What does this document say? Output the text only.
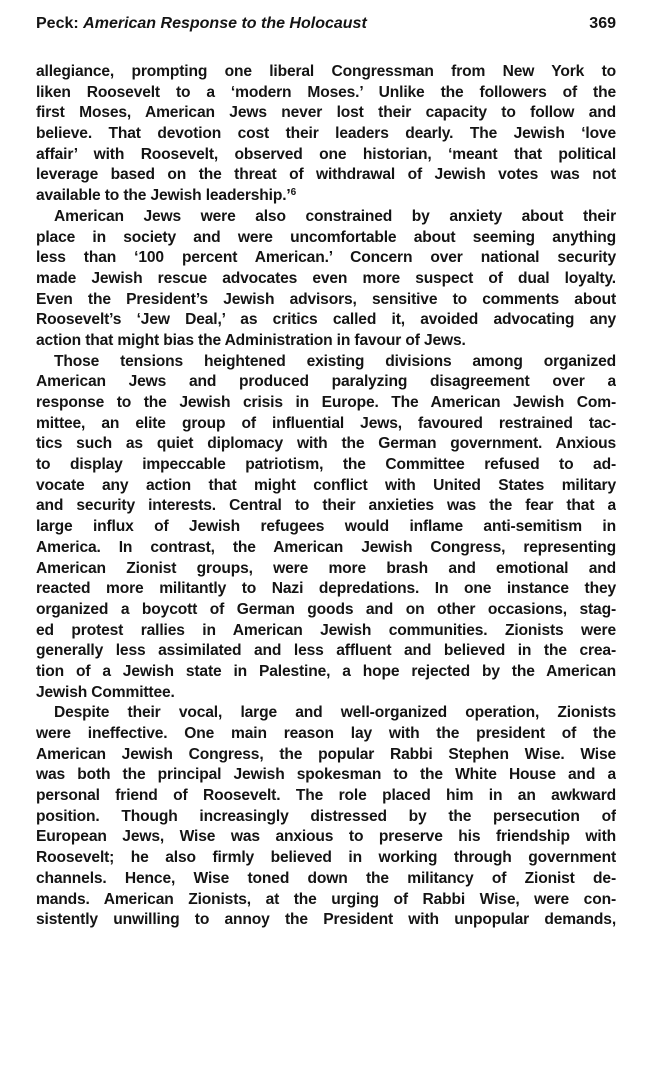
Peck: American Response to the Holocaust	369
allegiance, prompting one liberal Congressman from New York to
liken Roosevelt to a ‘modern Moses.’ Unlike the followers of the
first Moses, American Jews never lost their capacity to follow and
believe. That devotion cost their leaders dearly. The Jewish ‘love
affair’ with Roosevelt, observed one historian, ‘meant that political
leverage based on the threat of withdrawal of Jewish votes was not
available to the Jewish leadership.’$^6$
American Jews were also constrained by anxiety about their
place in society and were uncomfortable about seeming anything
less than ‘100 percent American.’ Concern over national security
made Jewish rescue advocates even more suspect of dual loyalty.
Even the President’s Jewish advisors, sensitive to comments about
Roosevelt’s ‘Jew Deal,’ as critics called it, avoided advocating any
action that might bias the Administration in favour of Jews.
Those tensions heightened existing divisions among organized
American Jews and produced paralyzing disagreement over a
response to the Jewish crisis in Europe. The American Jewish Com-
mittee, an elite group of influential Jews, favoured restrained tac-
tics such as quiet diplomacy with the German government. Anxious
to display impeccable patriotism, the Committee refused to ad-
vocate any action that might conflict with United States military
and security interests. Central to their anxieties was the fear that a
large influx of Jewish refugees would inflame anti-semitism in
America. In contrast, the American Jewish Congress, representing
American Zionist groups, were more brash and emotional and
reacted more militantly to Nazi depredations. In one instance they
organized a boycott of German goods and on other occasions, stag-
ed protest rallies in American Jewish communities. Zionists were
generally less assimilated and less affluent and believed in the crea-
tion of a Jewish state in Palestine, a hope rejected by the American
Jewish Committee.
Despite their vocal, large and well-organized operation, Zionists
were ineffective. One main reason lay with the president of the
American Jewish Congress, the popular Rabbi Stephen Wise. Wise
was both the principal Jewish spokesman to the White House and a
personal friend of Roosevelt. The role placed him in an awkward
position. Though increasingly distressed by the persecution of
European Jews, Wise was anxious to preserve his friendship with
Roosevelt; he also firmly believed in working through government
channels. Hence, Wise toned down the militancy of Zionist de-
mands. American Zionists, at the urging of Rabbi Wise, were con-
sistently unwilling to annoy the President with unpopular demands,
